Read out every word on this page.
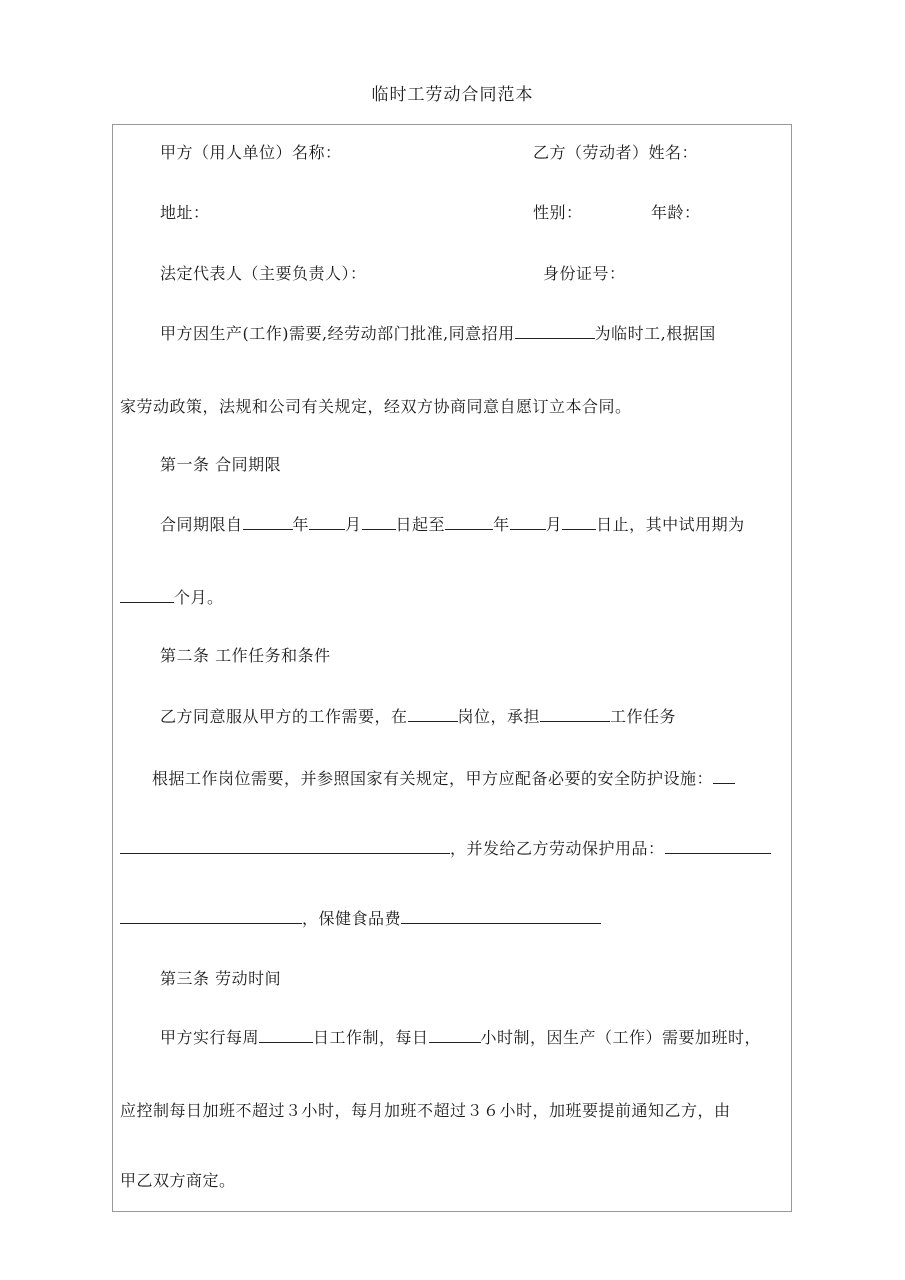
临时工劳动合同范本
甲方（用人单位）名称：	乙方（劳动者）姓名：
地址：	性别：	年龄：
法定代表人（主要负责人）：	身份证号：
甲方因生产(工作)需要,经劳动部门批准,同意招用	为临时工,根据国
家劳动政策，法规和公司有关规定，经双方协商同意自愿订立本合同。
第一条 合同期限
合同期限自	年 月 日起至	年 月 日止，其中试用期为
个月。
第二条 工作任务和条件
乙方同意服从甲方的工作需要，在	岗位，承担	工作任务
根据工作岗位需要，并参照国家有关规定，甲方应配备必要的安全防护设施：
，并发给乙方劳动保护用品：
，保健食品费
第三条 劳动时间
甲方实行每周	日工作制，每日	小时制，因生产（工作）需要加班时，
应控制每日加班不超过３小时，每月加班不超过３６小时，加班要提前通知乙方，由
甲乙双方商定。
